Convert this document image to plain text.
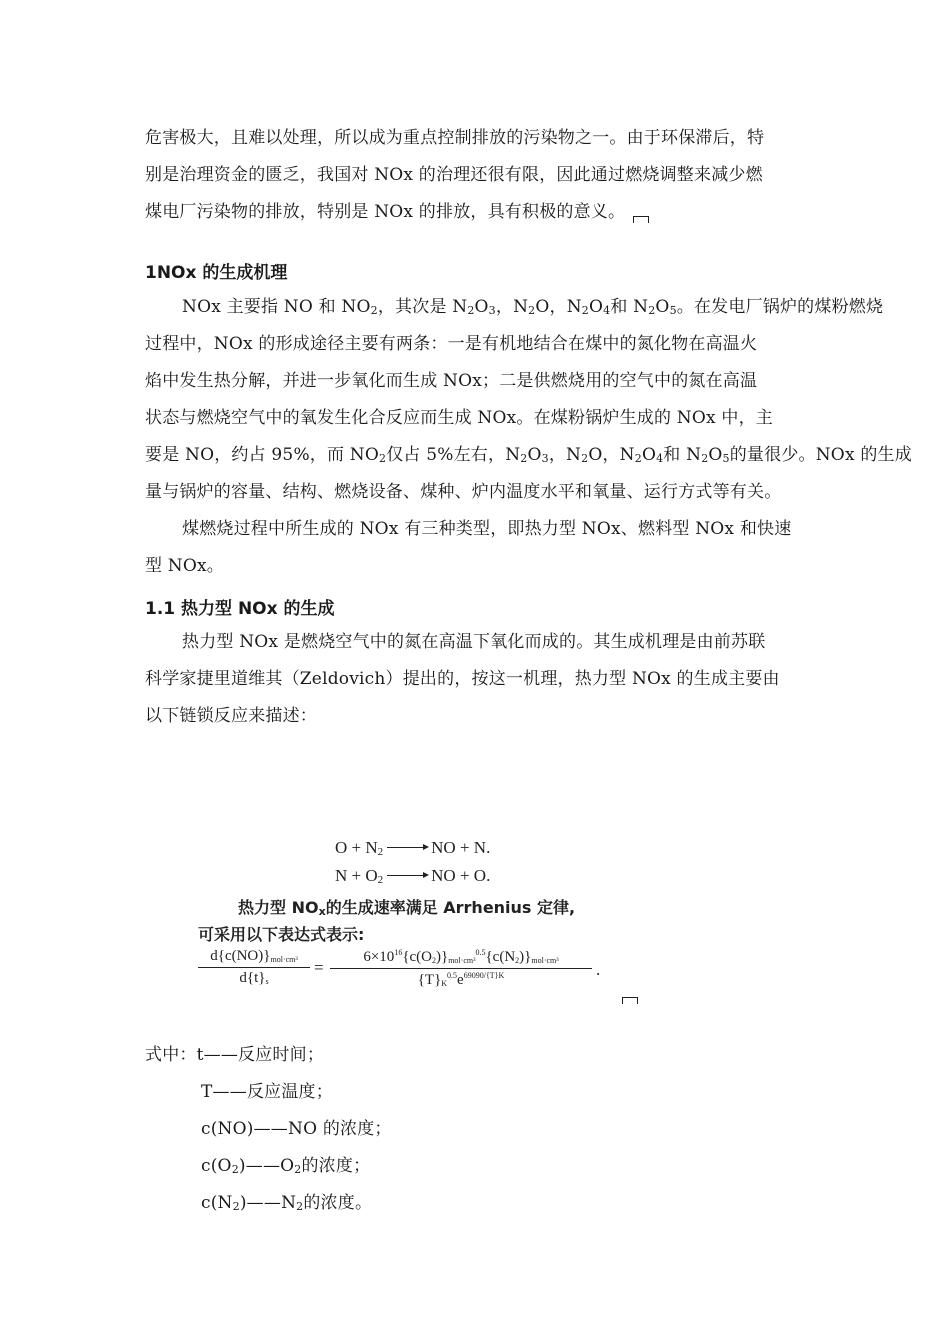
危害极大，且难以处理，所以成为重点控制排放的污染物之一。由于环保滞后，特
别是治理资金的匮乏，我国对 NOx 的治理还很有限，因此通过燃烧调整来减少燃
煤电厂污染物的排放，特别是 NOx 的排放，具有积极的意义。
1NOx 的生成机理
NOx 主要指 NO 和 $NO_2$，其次是 $N_2O_3$，$N_2O$，$N_2O_4$和 $N_2O_5$。在发电厂锅炉的煤粉燃烧
过程中，NOx 的形成途径主要有两条：一是有机地结合在煤中的氮化物在高温火
焰中发生热分解，并进一步氧化而生成 NOx；二是供燃烧用的空气中的氮在高温
状态与燃烧空气中的氧发生化合反应而生成 NOx。在煤粉锅炉生成的 NOx 中，主
要是 NO，约占 95%，而 $NO_2$仅占 5%左右，$N_2O_3$，$N_2O$，$N_2O_4$和 $N_2O_5$的量很少。NOx 的生成
量与锅炉的容量、结构、燃烧设备、煤种、炉内温度水平和氧量、运行方式等有关。
煤燃烧过程中所生成的 NOx 有三种类型，即热力型 NOx、燃料型 NOx 和快速
型 NOx。
1.1 热力型 NOx 的生成
热力型 NOx 是燃烧空气中的氮在高温下氧化而成的。其生成机理是由前苏联
科学家捷里道维其（Zeldovich）提出的，按这一机理，热力型 NOx 的生成主要由
以下链锁反应来描述：
$O + N_2$	NO + N.
$N + O_2$	NO + O.
热力型 $NO_x$的生成速率满足 Arrhenius 定律,
可采用以下表达式表示:
$d\{c(NO)\}_{mol\cdot cm^3}$
$d\{t\}_s$
=
$6\times 10^{16}\{c(O_2)\}_{mol\cdot cm^3}^{0.5}\{c(N_2)\}_{mol\cdot cm^3}$
$\{T\}_K^{0.5}e^{69090/\{T\}K}$	.
式中：t——反应时间；
T——反应温度；
c(NO)——NO 的浓度；
$c(O_2)——O_2$的浓度；
$c(N_2)——N_2$的浓度。
